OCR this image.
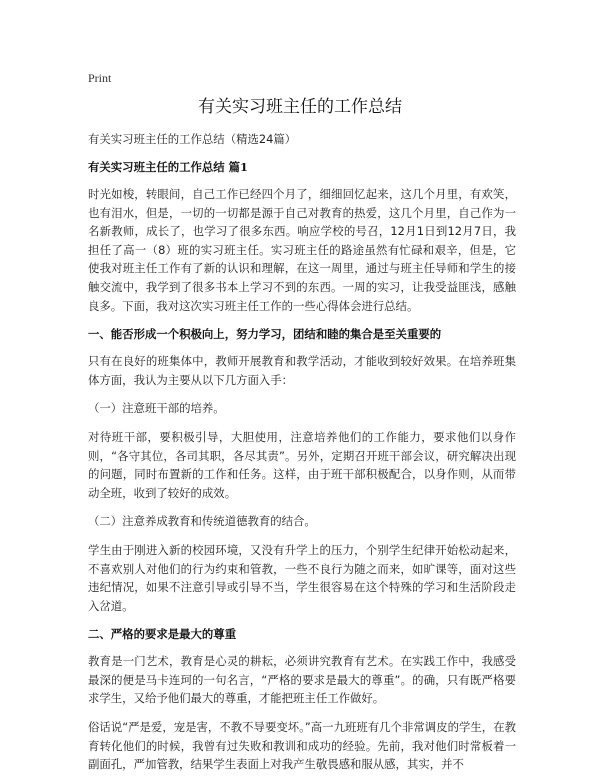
Print
有关实习班主任的工作总结

有关实习班主任的工作总结（精选24篇）

有关实习班主任的工作总结 篇1

时光如梭，转眼间，自己工作已经四个月了，细细回忆起来，这几个月里，有欢笑，也有泪水，但是，一切的一切都是源于自己对教育的热爱，这几个月里，自己作为一名新教师，成长了，也学习了很多东西。响应学校的号召，12月1日到12月7日，我担任了高一（8）班的实习班主任。实习班主任的路途虽然有忙碌和艰辛，但是，它使我对班主任工作有了新的认识和理解，在这一周里，通过与班主任导师和学生的接触交流中，我学到了很多书本上学习不到的东西。一周的实习，让我受益匪浅，感触良多。下面，我对这次实习班主任工作的一些心得体会进行总结。

一、能否形成一个积极向上，努力学习，团结和睦的集合是至关重要的

只有在良好的班集体中，教师开展教育和教学活动，才能收到较好效果。在培养班集体方面，我认为主要从以下几方面入手：

（一）注意班干部的培养。

对待班干部，要积极引导，大胆使用，注意培养他们的工作能力，要求他们以身作则，“各守其位，各司其职，各尽其责”。另外，定期召开班干部会议，研究解决出现的问题，同时布置新的工作和任务。这样，由于班干部积极配合，以身作则，从而带动全班，收到了较好的成效。

（二）注意养成教育和传统道德教育的结合。

学生由于刚进入新的校园环境，又没有升学上的压力，个别学生纪律开始松动起来，不喜欢别人对他们的行为约束和管教，一些不良行为随之而来，如旷课等，面对这些违纪情况，如果不注意引导或引导不当，学生很容易在这个特殊的学习和生活阶段走入岔道。

二、严格的要求是最大的尊重

教育是一门艺术，教育是心灵的耕耘，必须讲究教育有艺术。在实践工作中，我感受最深的便是马卡连珂的一句名言，“严格的要求是最大的尊重”。的确，只有既严格要求学生，又给予他们最大的尊重，才能把班主任工作做好。

俗话说“严是爱，宠是害，不教不导要变坏。”高一九班班有几个非常调皮的学生，在教育转化他们的时候，我曾有过失败和教训和成功的经验。先前，我对他们时常板着一副面孔，严加管教，结果学生表面上对我产生敬畏感和服从感，其实，并不
